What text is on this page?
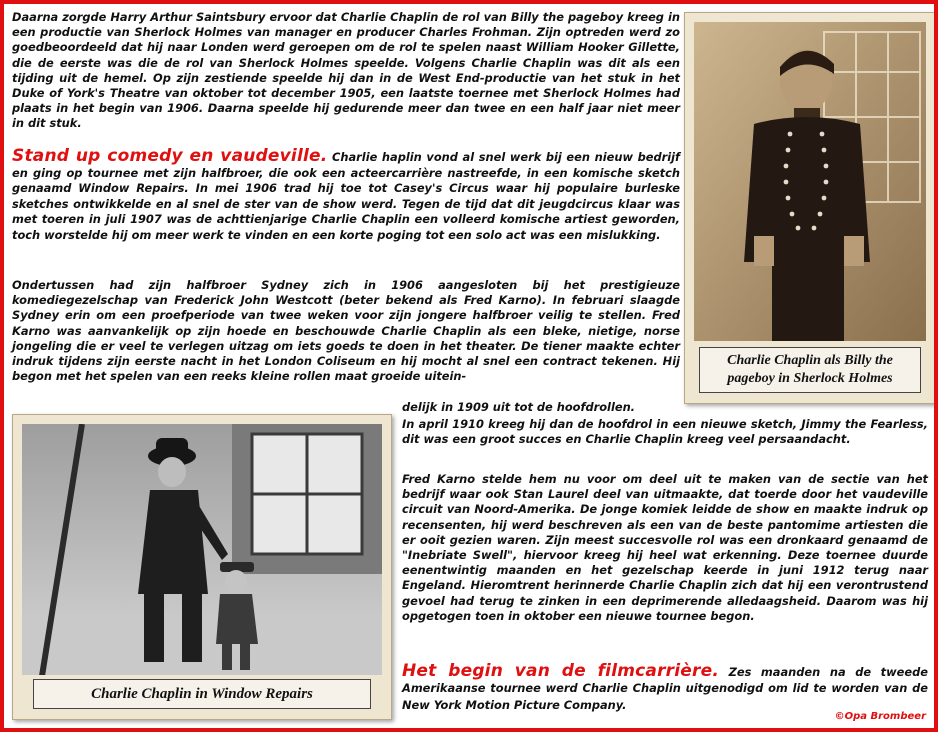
Daarna zorgde Harry Arthur Saintsbury ervoor dat Charlie Chaplin de rol van Billy the pageboy kreeg in een productie van Sherlock Holmes van manager en producer Charles Frohman. Zijn optreden werd zo goedbeoordeeld dat hij naar Londen werd geroepen om de rol te spelen naast William Hooker Gillette, die de eerste was die de rol van Sherlock Holmes speelde. Volgens Charlie Chaplin was dit als een tijding uit de hemel. Op zijn zestiende speelde hij dan in de West End-productie van het stuk in het Duke of York's Theatre van oktober tot december 1905, een laatste toernee met Sherlock Holmes had plaats in het begin van 1906. Daarna speelde hij gedurende meer dan twee en een half jaar niet meer in dit stuk.
Stand up comedy en vaudeville. Charlie haplin vond al snel werk bij een nieuw bedrijf en ging op tournee met zijn halfbroer, die ook een acteercarrière nastreefde, in een komische sketch genaamd Window Repairs. In mei 1906 trad hij toe tot Casey's Circus waar hij populaire burleske sketches ontwikkelde en al snel de ster van de show werd. Tegen de tijd dat dit jeugdcircus klaar was met toeren in juli 1907 was de achttienjarige Charlie Chaplin een volleerd komische artiest geworden, toch worstelde hij om meer werk te vinden en een korte poging tot een solo act was een mislukking.
Ondertussen had zijn halfbroer Sydney zich in 1906 aangesloten bij het prestigieuze komediegezelschap van Frederick John Westcott (beter bekend als Fred Karno). In februari slaagde Sydney erin om een proefperiode van twee weken voor zijn jongere halfbroer veilig te stellen. Fred Karno was aanvankelijk op zijn hoede en beschouwde Charlie Chaplin als een bleke, nietige, norse jongeling die er veel te verlegen uitzag om iets goeds te doen in het theater. De tiener maakte echter indruk tijdens zijn eerste nacht in het London Coliseum en hij mocht al snel een contract tekenen. Hij begon met het spelen van een reeks kleine rollen maat groeide uitein-
delijk in 1909 uit tot de hoofdrollen.
In april 1910 kreeg hij dan de hoofdrol in een nieuwe sketch, Jimmy the Fearless, dit was een groot succes en Charlie Chaplin kreeg veel persaandacht.
Fred Karno stelde hem nu voor om deel uit te maken van de sectie van het bedrijf waar ook Stan Laurel deel van uitmaakte, dat toerde door het vaudeville circuit van Noord-Amerika. De jonge komiek leidde de show en maakte indruk op recensenten, hij werd beschreven als een van de beste pantomime artiesten die er ooit gezien waren. Zijn meest succesvolle rol was een dronkaard genaamd de "Inebriate Swell", hiervoor kreeg hij heel wat erkenning. Deze toernee duurde eenentwintig maanden en het gezelschap keerde in juni 1912 terug naar Engeland. Hieromtrent herinnerde Charlie Chaplin zich dat hij een verontrustend gevoel had terug te zinken in een deprimerende alledaagsheid. Daarom was hij opgetogen toen in oktober een nieuwe tournee begon.
Het begin van de filmcarrière. Zes maanden na de tweede Amerikaanse tournee werd Charlie Chaplin uitgenodigd om lid te worden van de New York Motion Picture Company.
Charlie Chaplin als Billy the
pageboy in Sherlock Holmes
Charlie Chaplin in Window Repairs
©Opa Brombeer
